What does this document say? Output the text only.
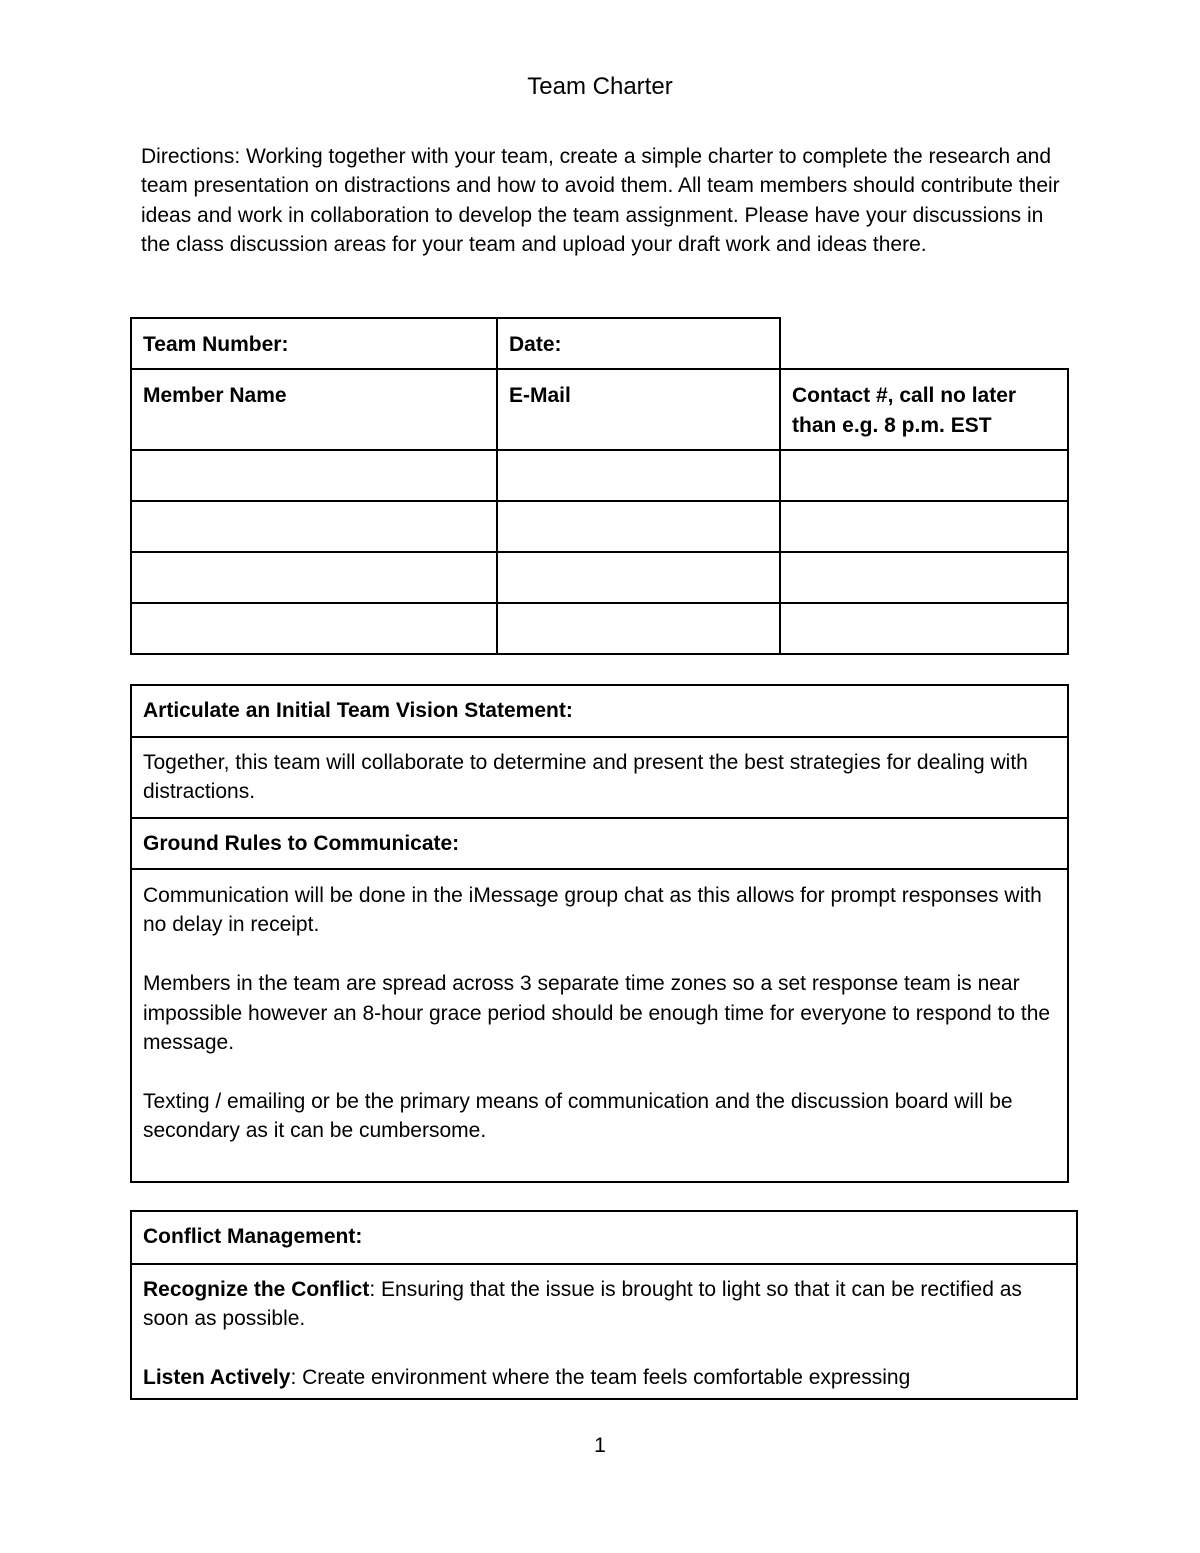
Team Charter
Directions: Working together with your team, create a simple charter to complete the research and team presentation on distractions and how to avoid them. All team members should contribute their ideas and work in collaboration to develop the team assignment. Please have your discussions in the class discussion areas for your team and upload your draft work and ideas there.
Team Number:	Date:
Member Name	E-Mail	Contact #, call no later than e.g. 8 p.m. EST
Articulate an Initial Team Vision Statement:
Together, this team will collaborate to determine and present the best strategies for dealing with distractions.
Ground Rules to Communicate:

Communication will be done in the iMessage group chat as this allows for prompt responses with no delay in receipt.

Members in the team are spread across 3 separate time zones so a set response team is near impossible however an 8-hour grace period should be enough time for everyone to respond to the message.

Texting / emailing or be the primary means of communication and the discussion board will be secondary as it can be cumbersome.

Conflict Management:

Recognize the Conflict: Ensuring that the issue is brought to light so that it can be rectified as soon as possible.

Listen Actively: Create environment where the team feels comfortable expressing

1
